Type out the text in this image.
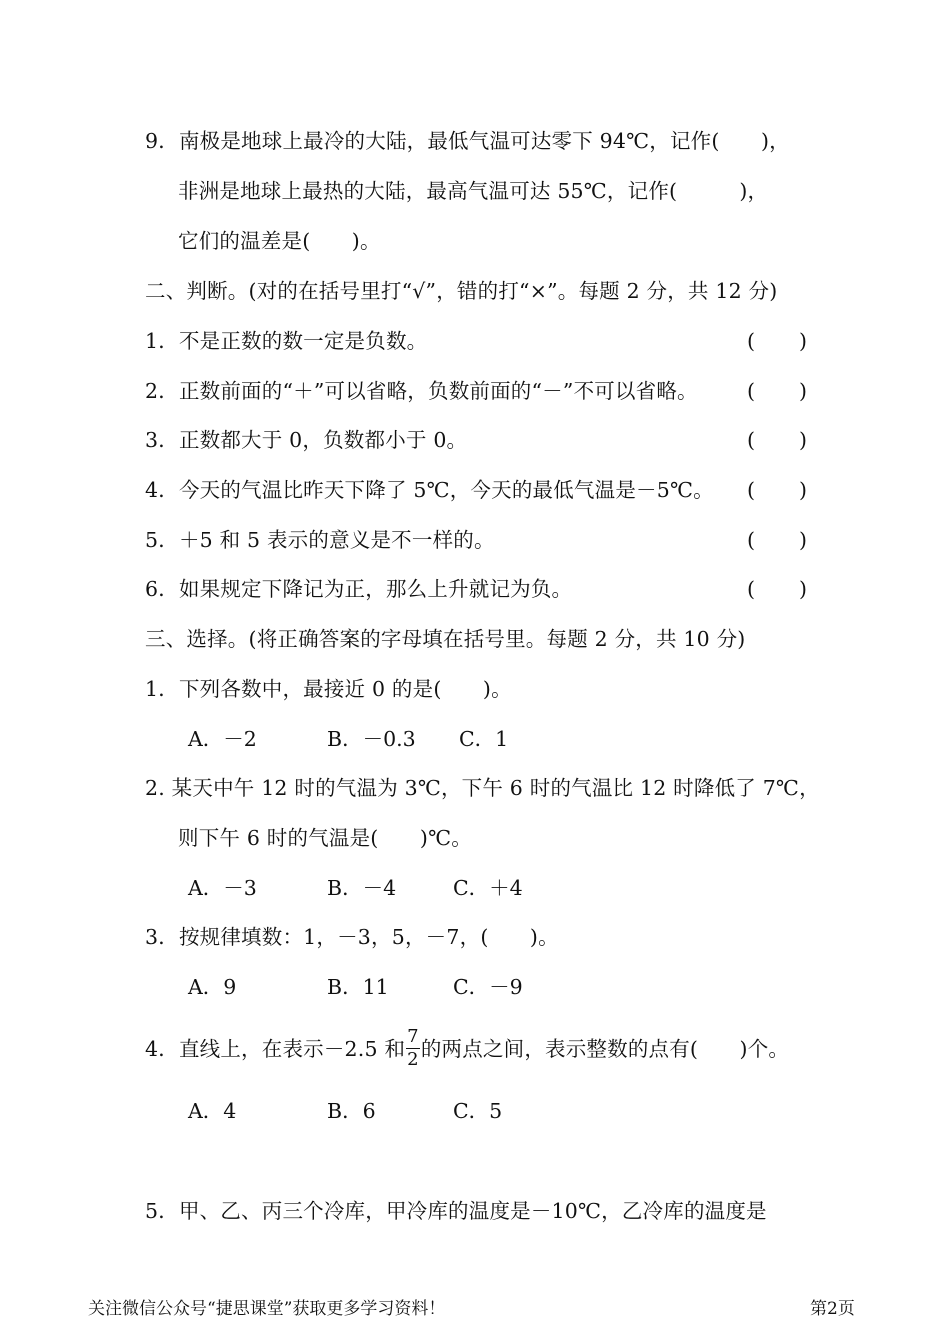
9．南极是地球上最冷的大陆，最低气温可达零下 94℃，记作(　　)，
非洲是地球上最热的大陆，最高气温可达 55℃，记作(　　　)，
它们的温差是(　　)。
二、判断。(对的在括号里打“√”，错的打“×”。每题 2 分，共 12 分)
1．不是正数的数一定是负数。	( )
2．正数前面的“＋”可以省略，负数前面的“－”不可以省略。 ( )
3．正数都大于 0，负数都小于 0。	( )
4．今天的气温比昨天下降了 5℃，今天的最低气温是－5℃。 ( )
5．＋5 和 5 表示的意义是不一样的。	( )
6．如果规定下降记为正，那么上升就记为负。	( )
三、选择。(将正确答案的字母填在括号里。每题 2 分，共 10 分)
1．下列各数中，最接近 0 的是(　　)。
A．－2	B．－0.3 C．1
2. 某天中午 12 时的气温为 3℃，下午 6 时的气温比 12 时降低了 7℃，
则下午 6 时的气温是(　　)℃。
A．－3	B．－4	C．＋4
3．按规律填数：1，－3，5，－7，(　　)。
A．9	B．11	C．－9
4．直线上，在表示－2.5 和 $\frac{7}{2}$ 的两点之间，表示整数的点有(　　)个。
A．4	B．6	C．5
5．甲、乙、丙三个冷库，甲冷库的温度是－10℃，乙冷库的温度是
关注微信公众号“捷思课堂”获取更多学习资料！	第2页
